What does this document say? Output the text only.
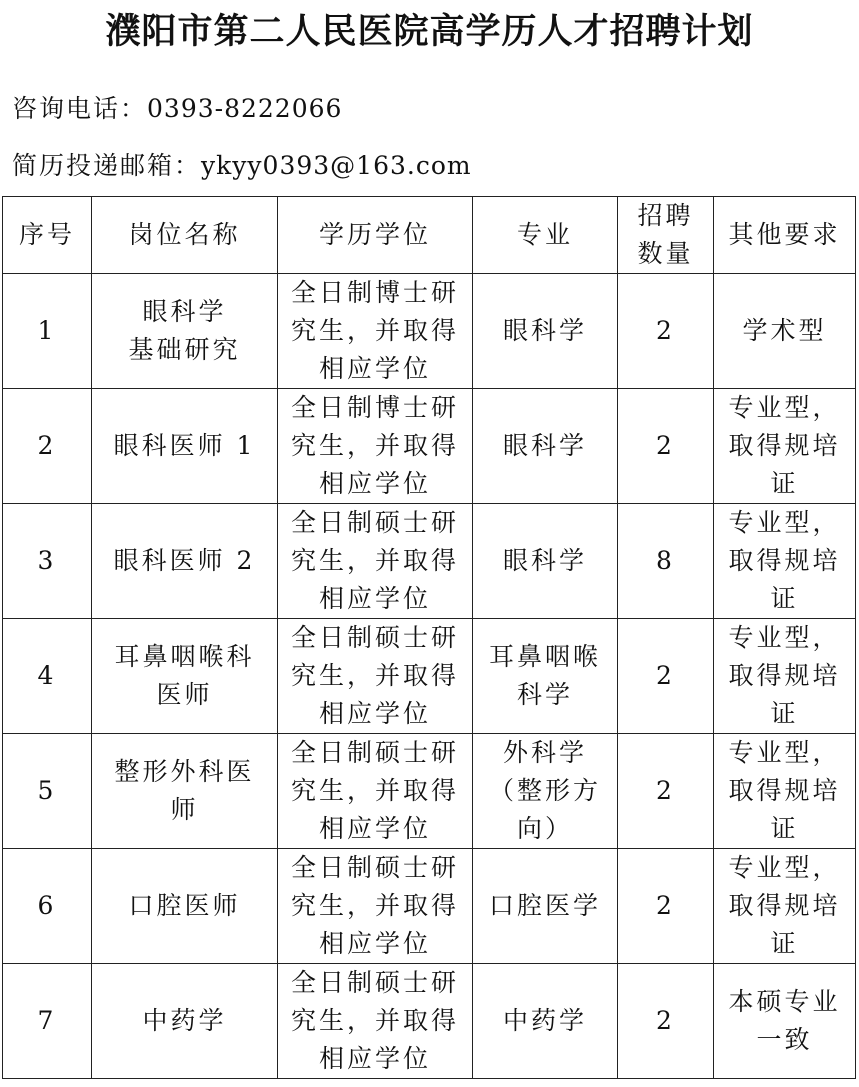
濮阳市第二人民医院高学历人才招聘计划
咨询电话：0393-8222066
简历投递邮箱：ykyy0393@163.com
序号	岗位名称	学历学位	专业	招聘
数量	其他要求
1	眼科学
基础研究	全日制博士研
究生，并取得
相应学位	眼科学	2	学术型
2	眼科医师 1	全日制博士研
究生，并取得
相应学位	眼科学	2	专业型，
取得规培
证
3	眼科医师 2	全日制硕士研
究生，并取得
相应学位	眼科学	8	专业型，
取得规培
证
4	耳鼻咽喉科
医师	全日制硕士研
究生，并取得
相应学位	耳鼻咽喉
科学	2	专业型，
取得规培
证
5	整形外科医
师	全日制硕士研
究生，并取得
相应学位	外科学
（整形方
向）	2	专业型，
取得规培
证
6	口腔医师	全日制硕士研
究生，并取得
相应学位	口腔医学	2	专业型，
取得规培
证
7	中药学	全日制硕士研
究生，并取得
相应学位	中药学	2	本硕专业
一致
